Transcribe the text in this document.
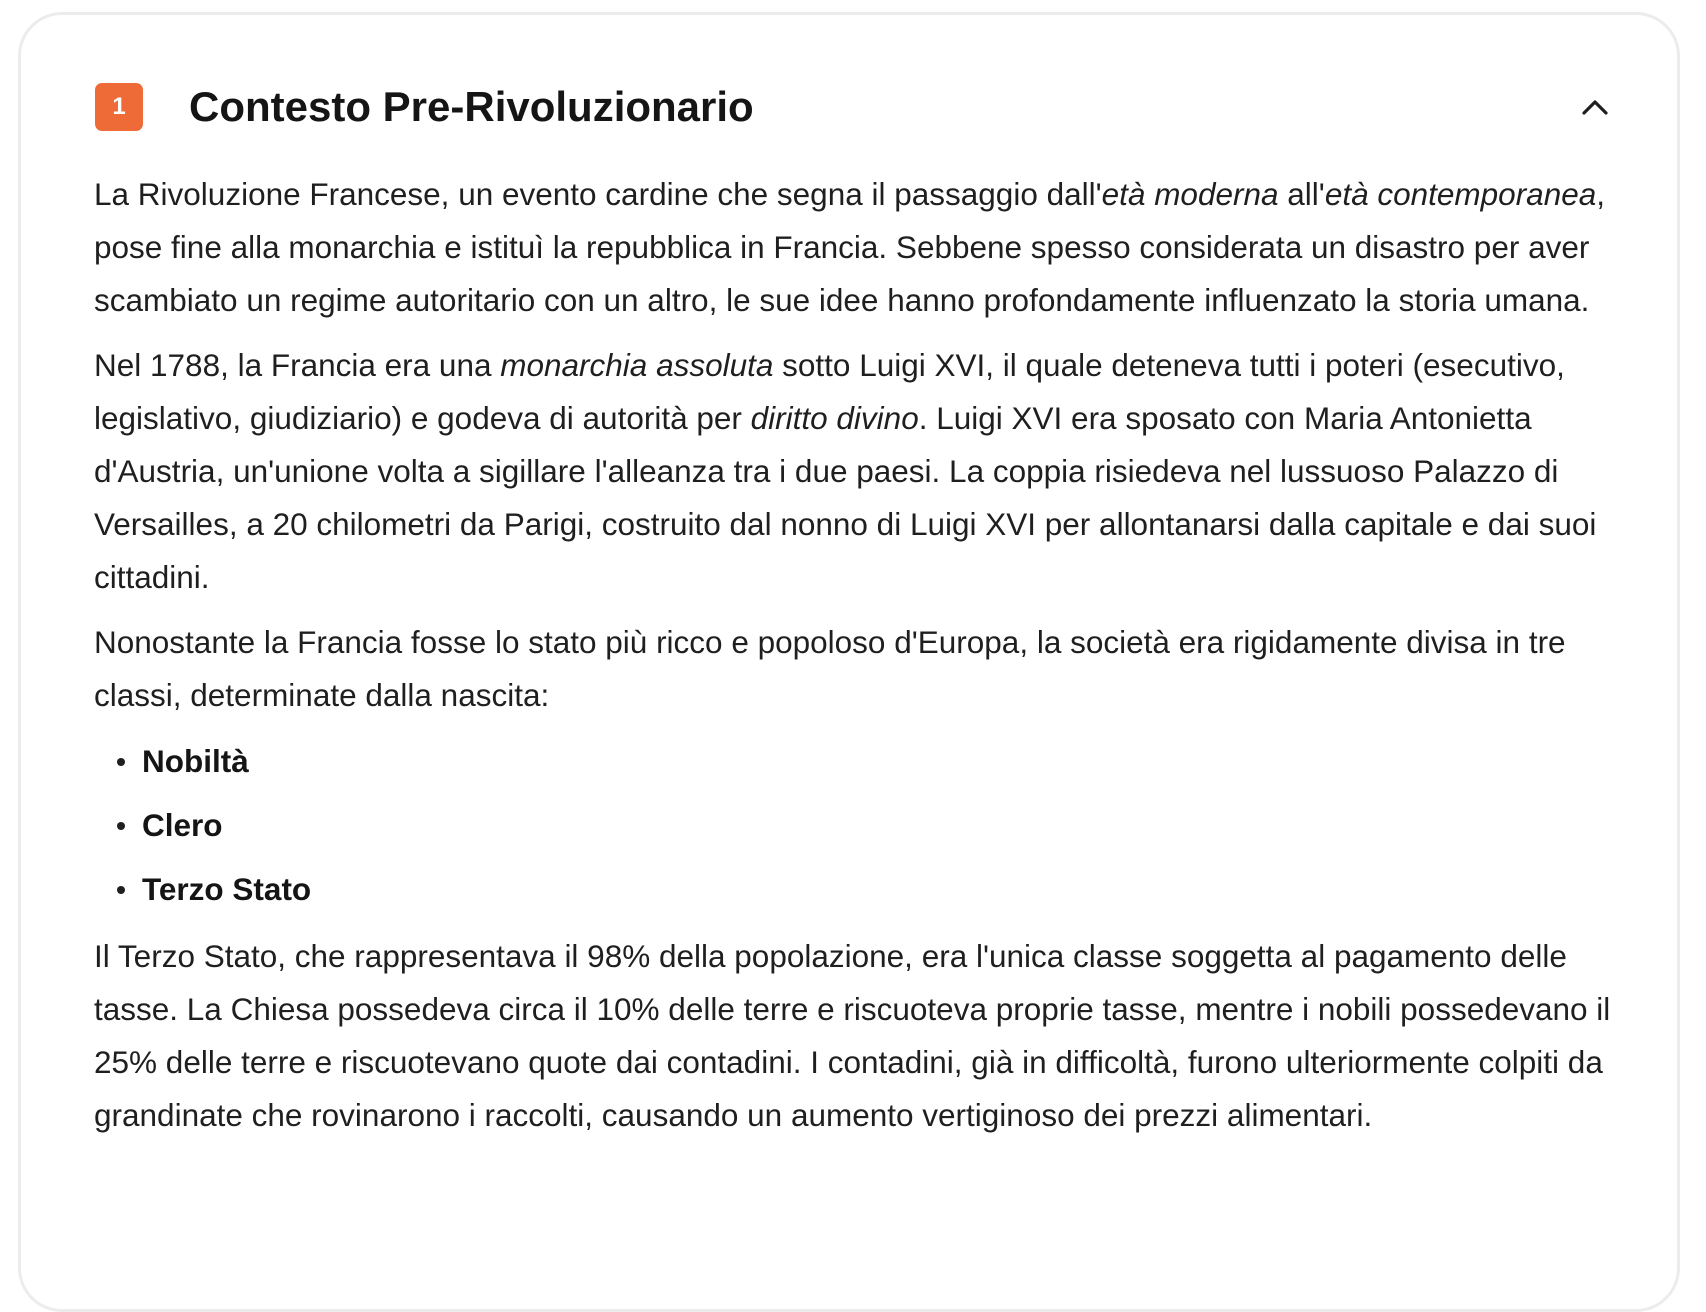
1	Contesto Pre-Rivoluzionario

La Rivoluzione Francese, un evento cardine che segna il passaggio dall'età moderna all'età contemporanea, pose fine alla monarchia e istituì la repubblica in Francia. Sebbene spesso considerata un disastro per aver scambiato un regime autoritario con un altro, le sue idee hanno profondamente influenzato la storia umana.

Nel 1788, la Francia era una monarchia assoluta sotto Luigi XVI, il quale deteneva tutti i poteri (esecutivo, legislativo, giudiziario) e godeva di autorità per diritto divino. Luigi XVI era sposato con Maria Antonietta d'Austria, un'unione volta a sigillare l'alleanza tra i due paesi. La coppia risiedeva nel lussuoso Palazzo di Versailles, a 20 chilometri da Parigi, costruito dal nonno di Luigi XVI per allontanarsi dalla capitale e dai suoi cittadini.

Nonostante la Francia fosse lo stato più ricco e popoloso d'Europa, la società era rigidamente divisa in tre classi, determinate dalla nascita:

Nobiltà
Clero
Terzo Stato

Il Terzo Stato, che rappresentava il 98% della popolazione, era l'unica classe soggetta al pagamento delle tasse. La Chiesa possedeva circa il 10% delle terre e riscuoteva proprie tasse, mentre i nobili possedevano il 25% delle terre e riscuotevano quote dai contadini. I contadini, già in difficoltà, furono ulteriormente colpiti da grandinate che rovinarono i raccolti, causando un aumento vertiginoso dei prezzi alimentari.
